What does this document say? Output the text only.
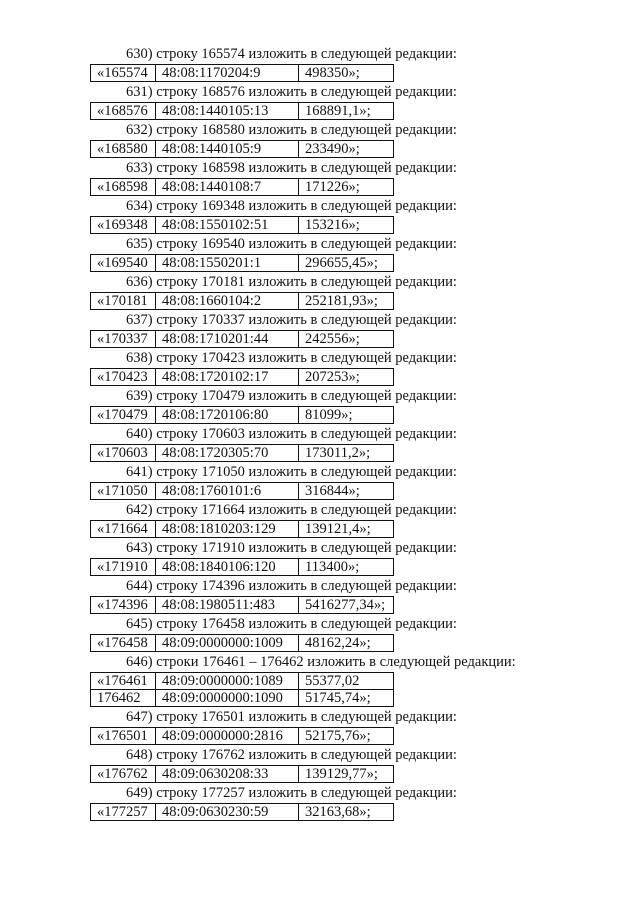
630) строку 165574 изложить в следующей редакции:
«165574	48:08:1170204:9	498350»;
631) строку 168576 изложить в следующей редакции:
«168576	48:08:1440105:13	168891,1»;
632) строку 168580 изложить в следующей редакции:
«168580	48:08:1440105:9	233490»;
633) строку 168598 изложить в следующей редакции:
«168598	48:08:1440108:7	171226»;
634) строку 169348 изложить в следующей редакции:
«169348	48:08:1550102:51	153216»;
635) строку 169540 изложить в следующей редакции:
«169540	48:08:1550201:1	296655,45»;
636) строку 170181 изложить в следующей редакции:
«170181	48:08:1660104:2	252181,93»;
637) строку 170337 изложить в следующей редакции:
«170337	48:08:1710201:44	242556»;
638) строку 170423 изложить в следующей редакции:
«170423	48:08:1720102:17	207253»;
639) строку 170479 изложить в следующей редакции:
«170479	48:08:1720106:80	81099»;
640) строку 170603 изложить в следующей редакции:
«170603	48:08:1720305:70	173011,2»;
641) строку 171050 изложить в следующей редакции:
«171050	48:08:1760101:6	316844»;
642) строку 171664 изложить в следующей редакции:
«171664	48:08:1810203:129	139121,4»;
643) строку 171910 изложить в следующей редакции:
«171910	48:08:1840106:120	113400»;
644) строку 174396 изложить в следующей редакции:
«174396	48:08:1980511:483	5416277,34»;
645) строку 176458 изложить в следующей редакции:
«176458	48:09:0000000:1009	48162,24»;
646) строки 176461 – 176462 изложить в следующей редакции:
«176461	48:09:0000000:1089	55377,02
176462	48:09:0000000:1090	51745,74»;
647) строку 176501 изложить в следующей редакции:
«176501	48:09:0000000:2816	52175,76»;
648) строку 176762 изложить в следующей редакции:
«176762	48:09:0630208:33	139129,77»;
649) строку 177257 изложить в следующей редакции:
«177257	48:09:0630230:59	32163,68»;
